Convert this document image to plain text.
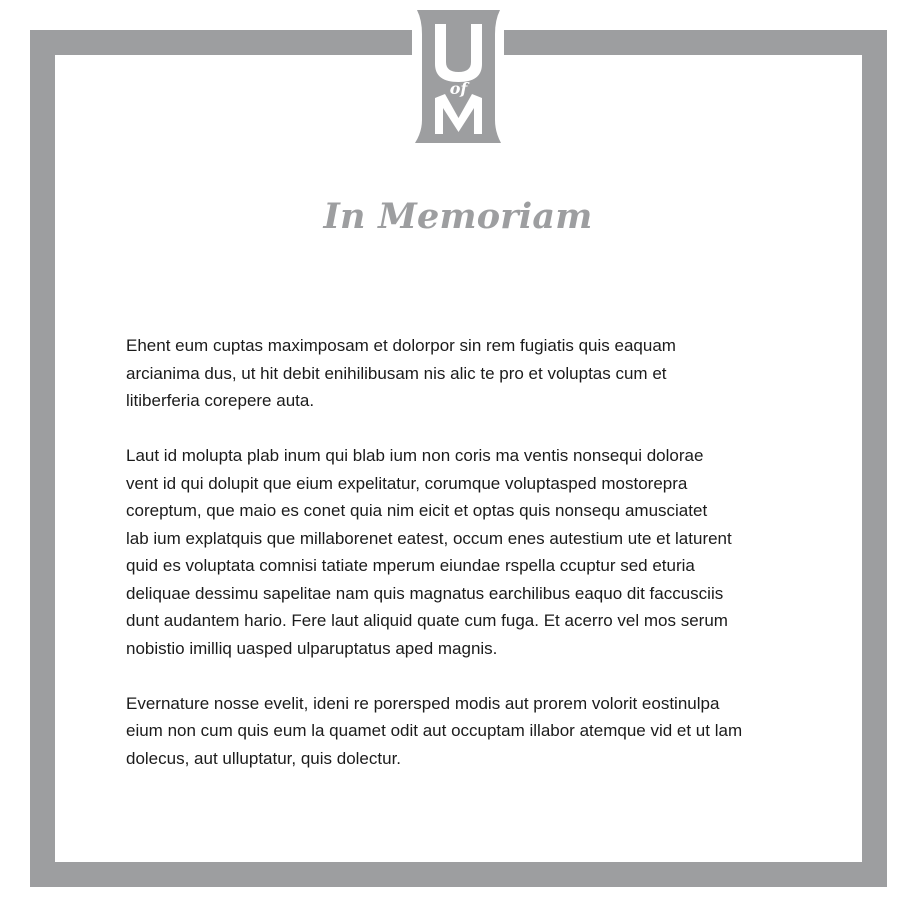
of
In Memoriam

Ehent eum cuptas maximposam et dolorpor sin rem fugiatis quis eaquam
arcianima dus, ut hit debit enihilibusam nis alic te pro et voluptas cum et
litiberferia corepere auta.

Laut id molupta plab inum qui blab ium non coris ma ventis nonsequi dolorae
vent id qui dolupit que eium expelitatur, corumque voluptasped mostorepra
coreptum, que maio es conet quia nim eicit et optas quis nonsequ amusciatet
lab ium explatquis que millaborenet eatest, occum enes autestium ute et laturent
quid es voluptata comnisi tatiate mperum eiundae rspella ccuptur sed eturia
deliquae dessimu sapelitae nam quis magnatus earchilibus eaquo dit faccusciis
dunt audantem hario. Fere laut aliquid quate cum fuga. Et acerro vel mos serum
nobistio imilliq uasped ulparuptatus aped magnis.

Evernature nosse evelit, ideni re porersped modis aut prorem volorit eostinulpa
eium non cum quis eum la quamet odit aut occuptam illabor atemque vid et ut lam
dolecus, aut ulluptatur, quis dolectur.
